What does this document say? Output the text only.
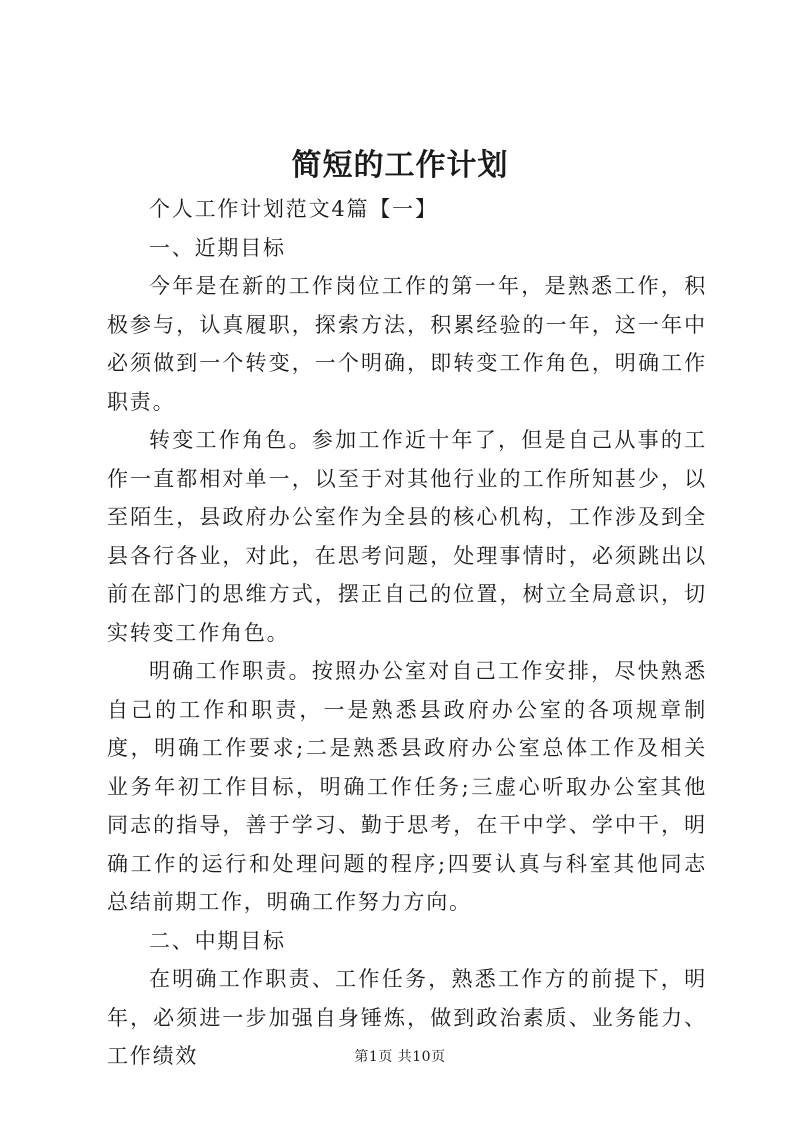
简短的工作计划

个人工作计划范文4篇【一】

一、近期目标

今年是在新的工作岗位工作的第一年，是熟悉工作，积极参与，认真履职，探索方法，积累经验的一年，这一年中必须做到一个转变，一个明确，即转变工作角色，明确工作职责。

转变工作角色。参加工作近十年了，但是自己从事的工作一直都相对单一，以至于对其他行业的工作所知甚少，以至陌生，县政府办公室作为全县的核心机构，工作涉及到全县各行各业，对此，在思考问题，处理事情时，必须跳出以前在部门的思维方式，摆正自己的位置，树立全局意识，切实转变工作角色。

明确工作职责。按照办公室对自己工作安排，尽快熟悉自己的工作和职责，一是熟悉县政府办公室的各项规章制度，明确工作要求;二是熟悉县政府办公室总体工作及相关业务年初工作目标，明确工作任务;三虚心听取办公室其他同志的指导，善于学习、勤于思考，在干中学、学中干，明确工作的运行和处理问题的程序;四要认真与科室其他同志总结前期工作，明确工作努力方向。

二、中期目标

在明确工作职责、工作任务，熟悉工作方的前提下，明年，必须进一步加强自身锤炼，做到政治素质、业务能力、工作绩效	第1页 共10页
